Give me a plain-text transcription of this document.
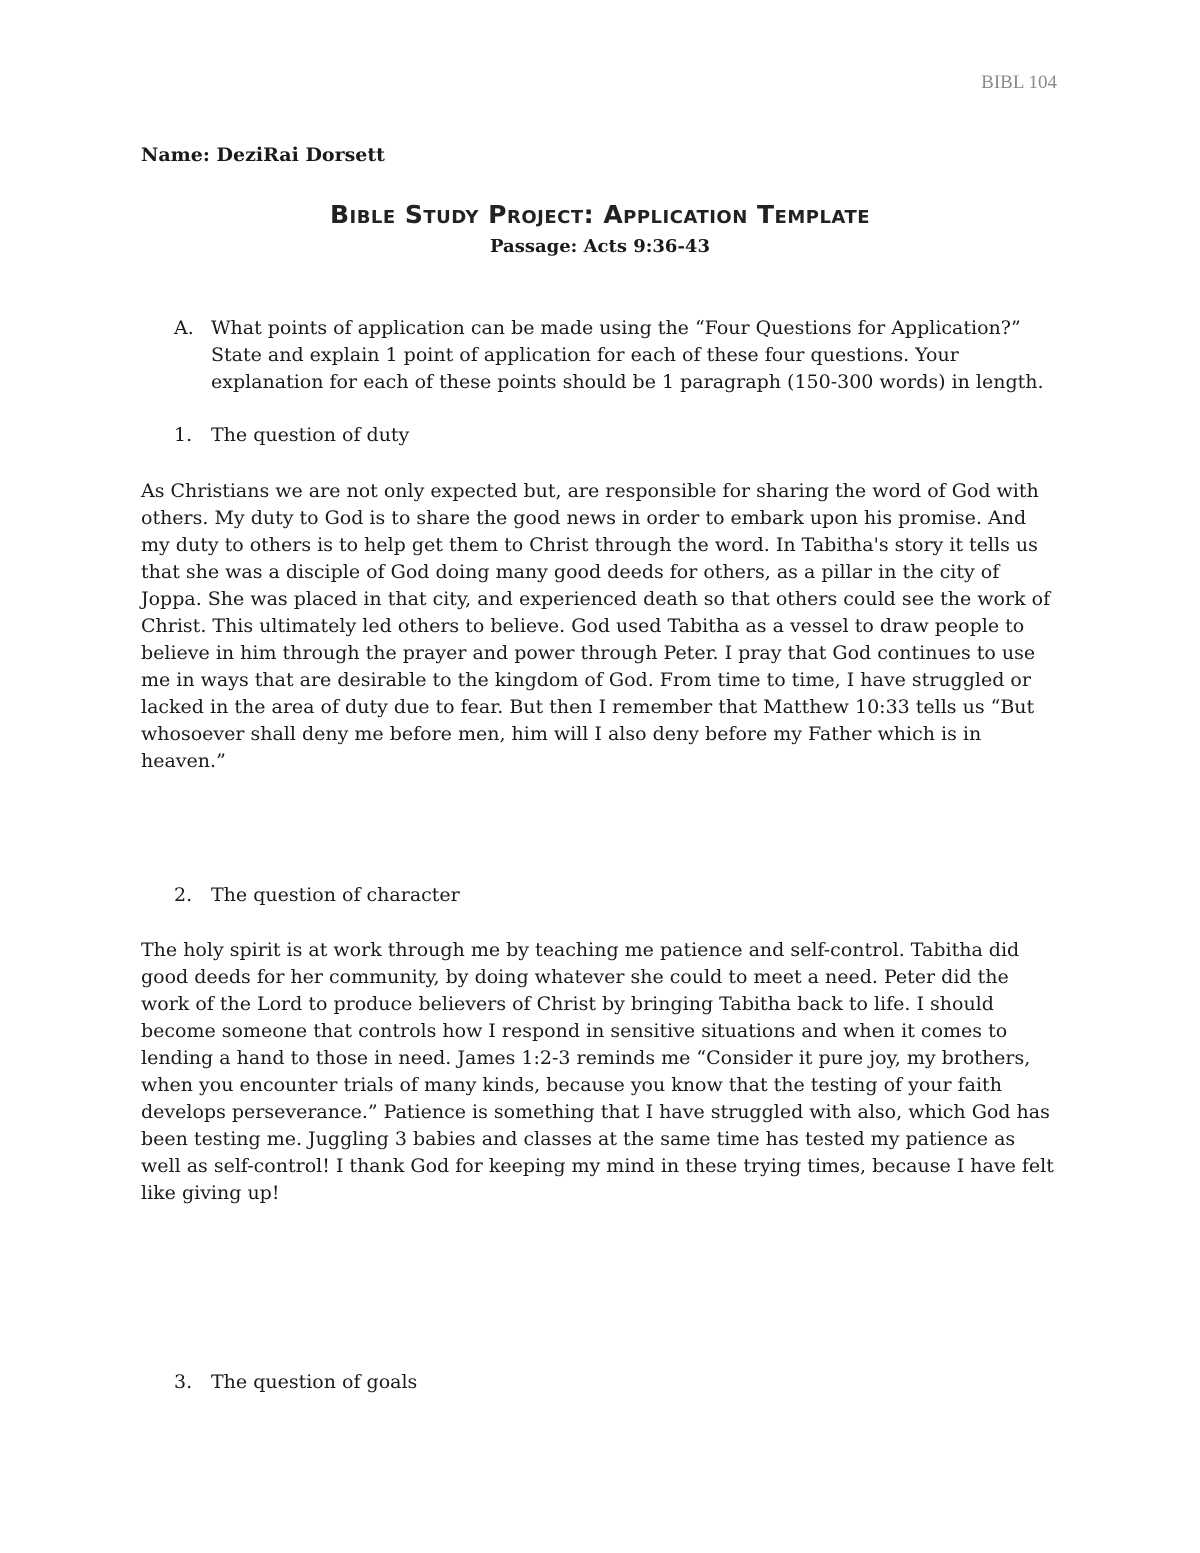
BIBL 104
Name: DeziRai Dorsett
Bible Study Project: Application Template
Passage: Acts 9:36-43
A. What points of application can be made using the “Four Questions for Application?” State and explain 1 point of application for each of these four questions. Your explanation for each of these points should be 1 paragraph (150-300 words) in length.
1. The question of duty

As Christians we are not only expected but, are responsible for sharing the word of God with others. My duty to God is to share the good news in order to embark upon his promise. And my duty to others is to help get them to Christ through the word. In Tabitha's story it tells us that she was a disciple of God doing many good deeds for others, as a pillar in the city of Joppa. She was placed in that city, and experienced death so that others could see the work of Christ. This ultimately led others to believe. God used Tabitha as a vessel to draw people to believe in him through the prayer and power through Peter. I pray that God continues to use me in ways that are desirable to the kingdom of God. From time to time, I have struggled or lacked in the area of duty due to fear. But then I remember that Matthew 10:33 tells us “But whosoever shall deny me before men, him will I also deny before my Father which is in heaven.”

2. The question of character

The holy spirit is at work through me by teaching me patience and self-control. Tabitha did good deeds for her community, by doing whatever she could to meet a need. Peter did the work of the Lord to produce believers of Christ by bringing Tabitha back to life. I should become someone that controls how I respond in sensitive situations and when it comes to lending a hand to those in need. James 1:2-3 reminds me “Consider it pure joy, my brothers, when you encounter trials of many kinds, because you know that the testing of your faith develops perseverance.” Patience is something that I have struggled with also, which God has been testing me. Juggling 3 babies and classes at the same time has tested my patience as well as self-control! I thank God for keeping my mind in these trying times, because I have felt like giving up!

3. The question of goals
